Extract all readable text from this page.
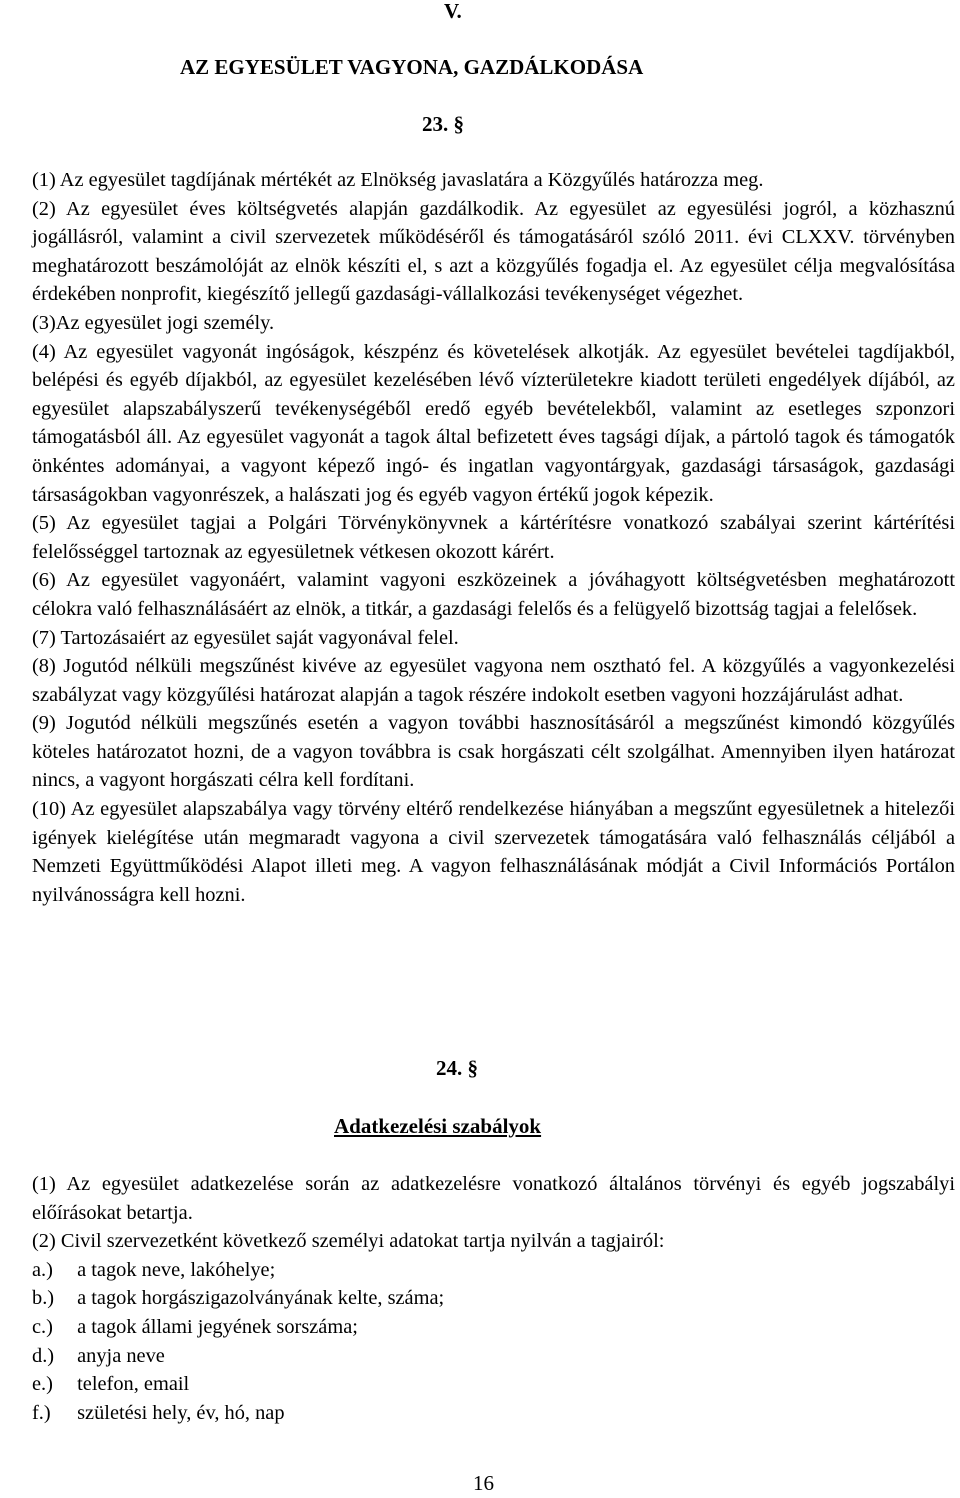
V.
AZ EGYESÜLET VAGYONA, GAZDÁLKODÁSA
23. §

(1) Az egyesület tagdíjának mértékét az Elnökség javaslatára a Közgyűlés határozza meg.

(2) Az egyesület éves költségvetés alapján gazdálkodik. Az egyesület az egyesülési jogról, a közhasznú jogállásról, valamint a civil szervezetek működéséről és támogatásáról szóló 2011. évi CLXXV. törvényben meghatározott beszámolóját az elnök készíti el, s azt a közgyűlés fogadja el. Az egyesület célja megvalósítása érdekében nonprofit, kiegészítő jellegű gazdasági-vállalkozási tevékenységet végezhet.

(3)Az egyesület jogi személy.

(4) Az egyesület vagyonát ingóságok, készpénz és követelések alkotják. Az egyesület bevételei tagdíjakból, belépési és egyéb díjakból, az egyesület kezelésében lévő vízterületekre kiadott területi engedélyek díjából, az egyesület alapszabályszerű tevékenységéből eredő egyéb bevételekből, valamint az esetleges szponzori támogatásból áll. Az egyesület vagyonát a tagok által befizetett éves tagsági díjak, a pártoló tagok és támogatók önkéntes adományai, a vagyont képező ingó- és ingatlan vagyontárgyak, gazdasági társaságok, gazdasági társaságokban vagyonrészek, a halászati jog és egyéb vagyon értékű jogok képezik.

(5) Az egyesület tagjai a Polgári Törvénykönyvnek a kártérítésre vonatkozó szabályai szerint kártérítési felelősséggel tartoznak az egyesületnek vétkesen okozott kárért.

(6) Az egyesület vagyonáért, valamint vagyoni eszközeinek a jóváhagyott költségvetésben meghatározott célokra való felhasználásáért az elnök, a titkár, a gazdasági felelős és a felügyelő bizottság tagjai a felelősek.

(7) Tartozásaiért az egyesület saját vagyonával felel.

(8) Jogutód nélküli megszűnést kivéve az egyesület vagyona nem osztható fel. A közgyűlés a vagyonkezelési szabályzat vagy közgyűlési határozat alapján a tagok részére indokolt esetben vagyoni hozzájárulást adhat.

(9) Jogutód nélküli megszűnés esetén a vagyon további hasznosításáról a megszűnést kimondó közgyűlés köteles határozatot hozni, de a vagyon továbbra is csak horgászati célt szolgálhat. Amennyiben ilyen határozat nincs, a vagyont horgászati célra kell fordítani.

(10) Az egyesület alapszabálya vagy törvény eltérő rendelkezése hiányában a megszűnt egyesületnek a hitelezői igények kielégítése után megmaradt vagyona a civil szervezetek támogatására való felhasználás céljából a Nemzeti Együttműködési Alapot illeti meg. A vagyon felhasználásának módját a Civil Információs Portálon nyilvánosságra kell hozni.

24. §
Adatkezelési szabályok

(1) Az egyesület adatkezelése során az adatkezelésre vonatkozó általános törvényi és egyéb jogszabályi előírásokat betartja.

(2) Civil szervezetként következő személyi adatokat tartja nyilván a tagjairól:

a.) a tagok neve, lakóhelye;

b.) a tagok horgászigazolványának kelte, száma;

c.) a tagok állami jegyének sorszáma;

d.) anyja neve

e.) telefon, email

f.) születési hely, év, hó, nap

16
